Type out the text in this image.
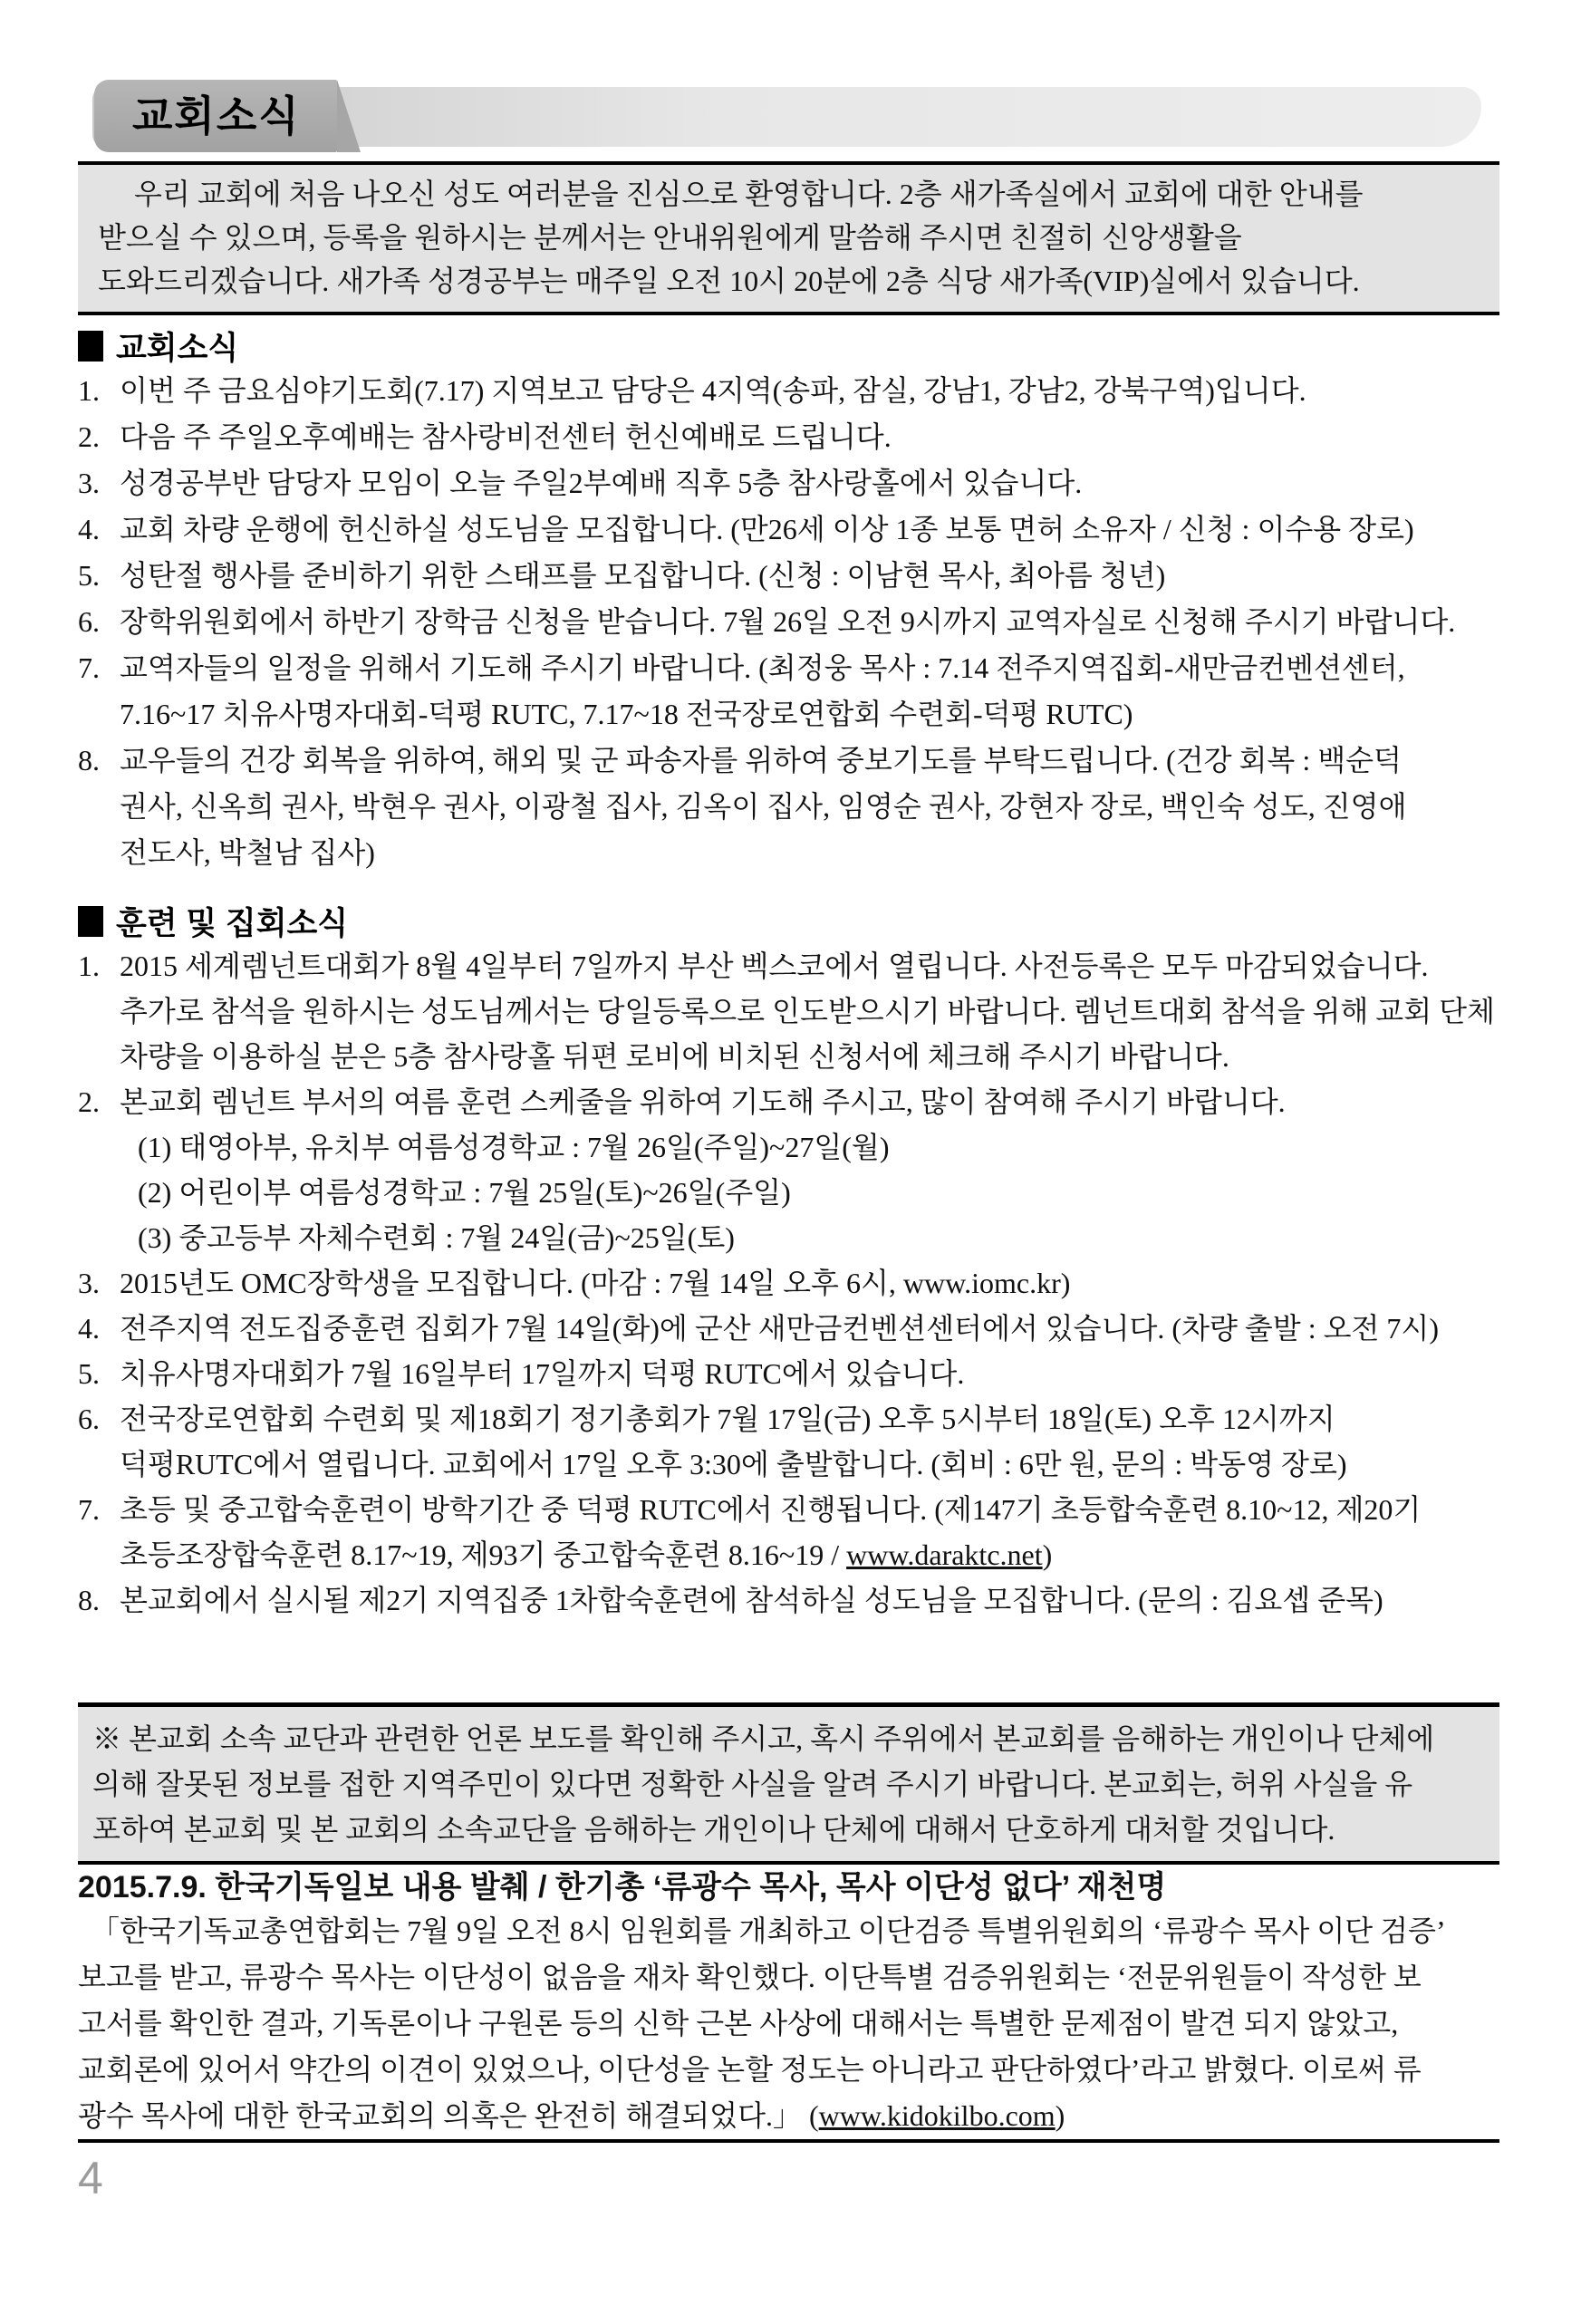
교회소식
우리 교회에 처음 나오신 성도 여러분을 진심으로 환영합니다. 2층 새가족실에서 교회에 대한 안내를
받으실 수 있으며, 등록을 원하시는 분께서는 안내위원에게 말씀해 주시면 친절히 신앙생활을
도와드리겠습니다. 새가족 성경공부는 매주일 오전 10시 20분에 2층 식당 새가족(VIP)실에서 있습니다.
교회소식
1. 이번 주 금요심야기도회(7.17) 지역보고 담당은 4지역(송파, 잠실, 강남1, 강남2, 강북구역)입니다.
2. 다음 주 주일오후예배는 참사랑비전센터 헌신예배로 드립니다.
3. 성경공부반 담당자 모임이 오늘 주일2부예배 직후 5층 참사랑홀에서 있습니다.
4. 교회 차량 운행에 헌신하실 성도님을 모집합니다. (만26세 이상 1종 보통 면허 소유자 / 신청 : 이수용 장로)
5. 성탄절 행사를 준비하기 위한 스태프를 모집합니다. (신청 : 이남현 목사, 최아름 청년)
6. 장학위원회에서 하반기 장학금 신청을 받습니다. 7월 26일 오전 9시까지 교역자실로 신청해 주시기 바랍니다.
7. 교역자들의 일정을 위해서 기도해 주시기 바랍니다. (최정웅 목사 : 7.14 전주지역집회-새만금컨벤션센터,
7.16~17 치유사명자대회-덕평 RUTC, 7.17~18 전국장로연합회 수련회-덕평 RUTC)
8. 교우들의 건강 회복을 위하여, 해외 및 군 파송자를 위하여 중보기도를 부탁드립니다. (건강 회복 : 백순덕
권사, 신옥희 권사, 박현우 권사, 이광철 집사, 김옥이 집사, 임영순 권사, 강현자 장로, 백인숙 성도, 진영애
전도사, 박철남 집사)
훈련 및 집회소식
1. 2015 세계렘넌트대회가 8월 4일부터 7일까지 부산 벡스코에서 열립니다. 사전등록은 모두 마감되었습니다.
추가로 참석을 원하시는 성도님께서는 당일등록으로 인도받으시기 바랍니다. 렘넌트대회 참석을 위해 교회 단체
차량을 이용하실 분은 5층 참사랑홀 뒤편 로비에 비치된 신청서에 체크해 주시기 바랍니다.
2. 본교회 렘넌트 부서의 여름 훈련 스케줄을 위하여 기도해 주시고, 많이 참여해 주시기 바랍니다.
(1) 태영아부, 유치부 여름성경학교 : 7월 26일(주일)~27일(월)
(2) 어린이부 여름성경학교 : 7월 25일(토)~26일(주일)
(3) 중고등부 자체수련회 : 7월 24일(금)~25일(토)
3. 2015년도 OMC장학생을 모집합니다. (마감 : 7월 14일 오후 6시, www.iomc.kr)
4. 전주지역 전도집중훈련 집회가 7월 14일(화)에 군산 새만금컨벤션센터에서 있습니다. (차량 출발 : 오전 7시)
5. 치유사명자대회가 7월 16일부터 17일까지 덕평 RUTC에서 있습니다.
6. 전국장로연합회 수련회 및 제18회기 정기총회가 7월 17일(금) 오후 5시부터 18일(토) 오후 12시까지
덕평RUTC에서 열립니다. 교회에서 17일 오후 3:30에 출발합니다. (회비 : 6만 원, 문의 : 박동영 장로)
7. 초등 및 중고합숙훈련이 방학기간 중 덕평 RUTC에서 진행됩니다. (제147기 초등합숙훈련 8.10~12, 제20기
초등조장합숙훈련 8.17~19, 제93기 중고합숙훈련 8.16~19 / www.daraktc.net)
8. 본교회에서 실시될 제2기 지역집중 1차합숙훈련에 참석하실 성도님을 모집합니다. (문의 : 김요셉 준목)
※ 본교회 소속 교단과 관련한 언론 보도를 확인해 주시고, 혹시 주위에서 본교회를 음해하는 개인이나 단체에
의해 잘못된 정보를 접한 지역주민이 있다면 정확한 사실을 알려 주시기 바랍니다. 본교회는, 허위 사실을 유
포하여 본교회 및 본 교회의 소속교단을 음해하는 개인이나 단체에 대해서 단호하게 대처할 것입니다.
2015.7.9. 한국기독일보 내용 발췌 / 한기총 ‘류광수 목사, 목사 이단성 없다’ 재천명
「한국기독교총연합회는 7월 9일 오전 8시 임원회를 개최하고 이단검증 특별위원회의 ‘류광수 목사 이단 검증’
보고를 받고, 류광수 목사는 이단성이 없음을 재차 확인했다. 이단특별 검증위원회는 ‘전문위원들이 작성한 보
고서를 확인한 결과, 기독론이나 구원론 등의 신학 근본 사상에 대해서는 특별한 문제점이 발견 되지 않았고,
교회론에 있어서 약간의 이견이 있었으나, 이단성을 논할 정도는 아니라고 판단하였다’라고 밝혔다. 이로써 류
광수 목사에 대한 한국교회의 의혹은 완전히 해결되었다.」 (www.kidokilbo.com)
4
